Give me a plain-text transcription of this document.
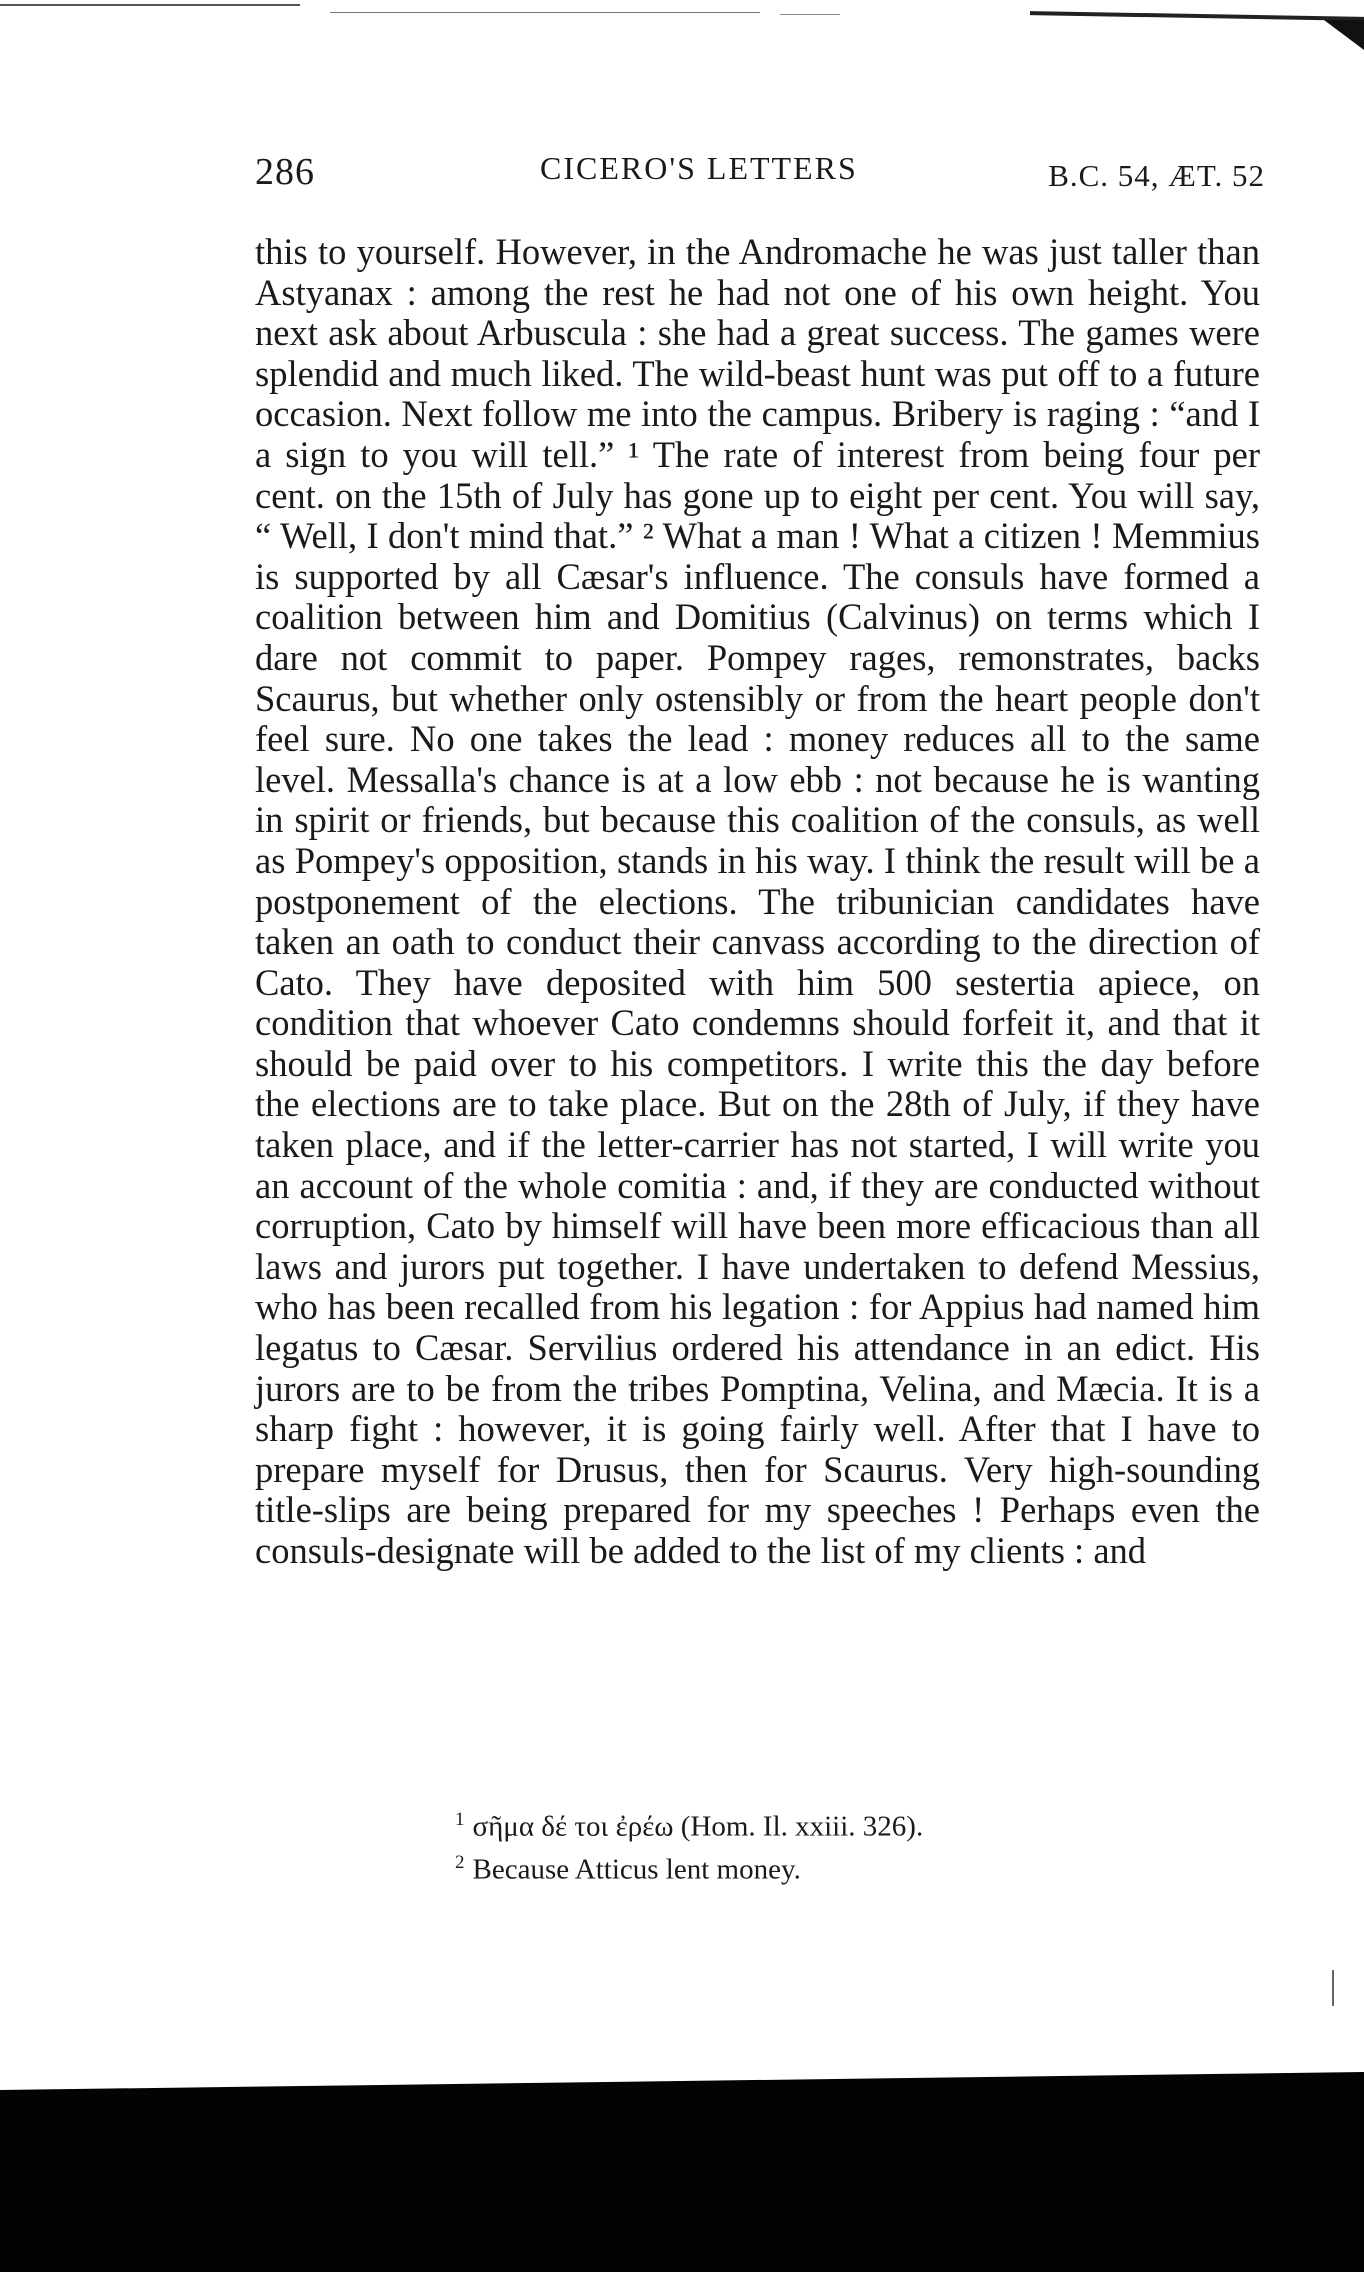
286	CICERO'S LETTERS	B.C. 54, ÆT. 52

this to yourself. However, in the Andromache he was just taller than Astyanax : among the rest he had not one of his own height. You next ask about Arbuscula : she had a great success. The games were splendid and much liked. The wild-beast hunt was put off to a future occasion. Next follow me into the campus. Bribery is raging : “and I a sign to you will tell.” ¹ The rate of interest from being four per cent. on the 15th of July has gone up to eight per cent. You will say, “ Well, I don't mind that.” ² What a man ! What a citizen ! Memmius is supported by all Cæsar's influence. The consuls have formed a coalition between him and Domitius (Calvinus) on terms which I dare not commit to paper. Pompey rages, remonstrates, backs Scaurus, but whether only ostensibly or from the heart people don't feel sure. No one takes the lead : money reduces all to the same level. Messalla's chance is at a low ebb : not because he is wanting in spirit or friends, but because this coalition of the consuls, as well as Pompey's opposition, stands in his way. I think the result will be a postponement of the elections. The tribunician candidates have taken an oath to conduct their canvass according to the direction of Cato. They have deposited with him 500 sestertia apiece, on condition that whoever Cato condemns should forfeit it, and that it should be paid over to his competitors. I write this the day before the elections are to take place. But on the 28th of July, if they have taken place, and if the letter-carrier has not started, I will write you an account of the whole comitia : and, if they are conducted without corruption, Cato by himself will have been more efficacious than all laws and jurors put together. I have undertaken to defend Messius, who has been recalled from his legation : for Appius had named him legatus to Cæsar. Servilius ordered his attendance in an edict. His jurors are to be from the tribes Pomptina, Velina, and Mæcia. It is a sharp fight : however, it is going fairly well. After that I have to prepare myself for Drusus, then for Scaurus. Very high-sounding title-slips are being prepared for my speeches ! Perhaps even the consuls-designate will be added to the list of my clients : and

$^1$ σῆμα δέ τοι ἐρέω (Hom. Il. xxiii. 326).

$^2$ Because Atticus lent money.
